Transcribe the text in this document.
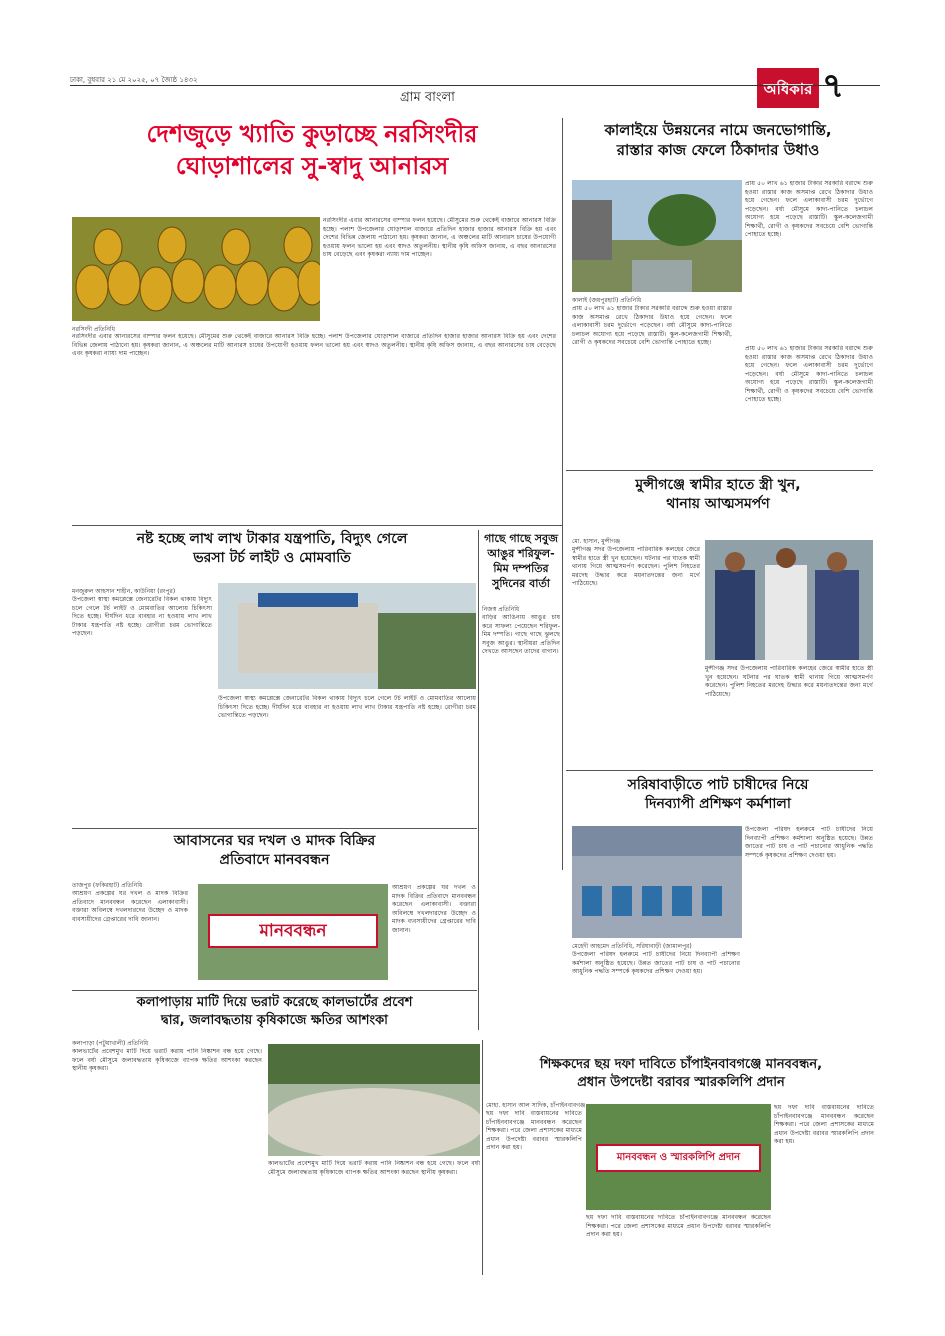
ঢাকা, বুধবার ২১ মে ২০২৫, ০৭ জ্যৈষ্ঠ ১৪৩২
গ্রাম বাংলা	অধিকার ৭
দেশজুড়ে খ্যাতি কুড়াচ্ছে নরসিংদীর
ঘোড়াশালের সু-স্বাদু আনারস
নরসিংদী প্রতিনিধি
নরসিংদীর এবার আনারসের বাম্পার ফলন হয়েছে। মৌসুমের শুরু থেকেই বাজারে আনারস বিক্রি হচ্ছে। পলাশ উপজেলার ঘোড়াশাল বাজারে প্রতিদিন হাজার হাজার আনারস বিক্রি হয় এবং দেশের বিভিন্ন জেলায় পাঠানো হয়। কৃষকরা জানান, এ অঞ্চলের মাটি আনারস চাষের উপযোগী হওয়ায় ফলন ভালো হয় এবং স্বাদও অতুলনীয়। স্থানীয় কৃষি অফিস জানায়, এ বছর আনারসের চাষ বেড়েছে এবং কৃষকরা ন্যায্য দাম পাচ্ছেন।
নরসিংদীর এবার আনারসের বাম্পার ফলন হয়েছে। মৌসুমের শুরু থেকেই বাজারে আনারস বিক্রি হচ্ছে। পলাশ উপজেলার ঘোড়াশাল বাজারে প্রতিদিন হাজার হাজার আনারস বিক্রি হয় এবং দেশের বিভিন্ন জেলায় পাঠানো হয়। কৃষকরা জানান, এ অঞ্চলের মাটি আনারস চাষের উপযোগী হওয়ায় ফলন ভালো হয় এবং স্বাদও অতুলনীয়। স্থানীয় কৃষি অফিস জানায়, এ বছর আনারসের চাষ বেড়েছে এবং কৃষকরা ন্যায্য দাম পাচ্ছেন।
কালাইয়ে উন্নয়নের নামে জনভোগান্তি,
রাস্তার কাজ ফেলে ঠিকাদার উধাও
কালাই (জয়পুরহাট) প্রতিনিধি
প্রায় ৫০ লাখ ৬১ হাজার টাকার সরকারি বরাদ্দে শুরু হওয়া রাস্তার কাজ অসমাপ্ত রেখে ঠিকাদার উধাও হয়ে গেছেন। ফলে এলাকাবাসী চরম দুর্ভোগে পড়েছেন। বর্ষা মৌসুমে কাদা-পানিতে চলাচল অযোগ্য হয়ে পড়েছে রাস্তাটি। স্কুল-কলেজগামী শিক্ষার্থী, রোগী ও কৃষকদের সবচেয়ে বেশি ভোগান্তি পোহাতে হচ্ছে।
প্রায় ৫০ লাখ ৬১ হাজার টাকার সরকারি বরাদ্দে শুরু হওয়া রাস্তার কাজ অসমাপ্ত রেখে ঠিকাদার উধাও হয়ে গেছেন। ফলে এলাকাবাসী চরম দুর্ভোগে পড়েছেন। বর্ষা মৌসুমে কাদা-পানিতে চলাচল অযোগ্য হয়ে পড়েছে রাস্তাটি। স্কুল-কলেজগামী শিক্ষার্থী, রোগী ও কৃষকদের সবচেয়ে বেশি ভোগান্তি পোহাতে হচ্ছে।
প্রায় ৫০ লাখ ৬১ হাজার টাকার সরকারি বরাদ্দে শুরু হওয়া রাস্তার কাজ অসমাপ্ত রেখে ঠিকাদার উধাও হয়ে গেছেন। ফলে এলাকাবাসী চরম দুর্ভোগে পড়েছেন। বর্ষা মৌসুমে কাদা-পানিতে চলাচল অযোগ্য হয়ে পড়েছে রাস্তাটি। স্কুল-কলেজগামী শিক্ষার্থী, রোগী ও কৃষকদের সবচেয়ে বেশি ভোগান্তি পোহাতে হচ্ছে।
মুন্সীগঞ্জে স্বামীর হাতে স্ত্রী খুন,
থানায় আত্মসমর্পণ
মো. হাসান, মুন্সীগঞ্জ
মুন্সীগঞ্জ সদর উপজেলায় পারিবারিক কলহের জেরে স্বামীর হাতে স্ত্রী খুন হয়েছেন। ঘটনার পর ঘাতক স্বামী থানায় গিয়ে আত্মসমর্পণ করেছেন। পুলিশ নিহতের মরদেহ উদ্ধার করে ময়নাতদন্তের জন্য মর্গে পাঠিয়েছে।
মুন্সীগঞ্জ সদর উপজেলায় পারিবারিক কলহের জেরে স্বামীর হাতে স্ত্রী খুন হয়েছেন। ঘটনার পর ঘাতক স্বামী থানায় গিয়ে আত্মসমর্পণ করেছেন। পুলিশ নিহতের মরদেহ উদ্ধার করে ময়নাতদন্তের জন্য মর্গে পাঠিয়েছে।
সরিষাবাড়ীতে পাট চাষীদের নিয়ে
দিনব্যাপী প্রশিক্ষণ কর্মশালা
মেহেদী আহমেদ প্রতিনিধি, সরিষাবাড়ী (জামালপুর)
উপজেলা পরিষদ হলরুমে পাট চাষীদের নিয়ে দিনব্যাপী প্রশিক্ষণ কর্মশালা অনুষ্ঠিত হয়েছে। উন্নত জাতের পাট চাষ ও পাট পচানোর আধুনিক পদ্ধতি সম্পর্কে কৃষকদের প্রশিক্ষণ দেওয়া হয়।
উপজেলা পরিষদ হলরুমে পাট চাষীদের নিয়ে দিনব্যাপী প্রশিক্ষণ কর্মশালা অনুষ্ঠিত হয়েছে। উন্নত জাতের পাট চাষ ও পাট পচানোর আধুনিক পদ্ধতি সম্পর্কে কৃষকদের প্রশিক্ষণ দেওয়া হয়।
নষ্ট হচ্ছে লাখ লাখ টাকার যন্ত্রপাতি, বিদ্যুৎ গেলে
ভরসা টর্চ লাইট ও মোমবাতি
মনজুরুল আহসান শাহীন, কাউনিয়া (রংপুর)
উপজেলা স্বাস্থ্য কমপ্লেক্সে জেনারেটর বিকল থাকায় বিদ্যুৎ চলে গেলে টর্চ লাইট ও মোমবাতির আলোয় চিকিৎসা দিতে হচ্ছে। দীর্ঘদিন ধরে ব্যবহার না হওয়ায় লাখ লাখ টাকার যন্ত্রপাতি নষ্ট হচ্ছে। রোগীরা চরম ভোগান্তিতে পড়ছেন।
উপজেলা স্বাস্থ্য কমপ্লেক্সে জেনারেটর বিকল থাকায় বিদ্যুৎ চলে গেলে টর্চ লাইট ও মোমবাতির আলোয় চিকিৎসা দিতে হচ্ছে। দীর্ঘদিন ধরে ব্যবহার না হওয়ায় লাখ লাখ টাকার যন্ত্রপাতি নষ্ট হচ্ছে। রোগীরা চরম ভোগান্তিতে পড়ছেন।
গাছে গাছে সবুজ আঙুর শরিফুল-মিম দম্পতির সুদিনের বার্তা
নিজস্ব প্রতিনিধি
বাড়ির আঙিনায় আঙুর চাষ করে সাফল্য পেয়েছেন শরিফুল-মিম দম্পতি। গাছে গাছে ঝুলছে সবুজ আঙুর। স্থানীয়রা প্রতিদিন দেখতে আসছেন তাদের বাগান।
আবাসনের ঘর দখল ও মাদক বিক্রির
প্রতিবাদে মানববন্ধন
তাজপুর (ফকিরহাট) প্রতিনিধি
আশ্রয়ণ প্রকল্পের ঘর দখল ও মাদক বিক্রির প্রতিবাদে মানববন্ধন করেছেন এলাকাবাসী। বক্তারা অবিলম্বে দখলদারদের উচ্ছেদ ও মাদক ব্যবসায়ীদের গ্রেপ্তারের দাবি জানান।
মানববন্ধন
আশ্রয়ণ প্রকল্পের ঘর দখল ও মাদক বিক্রির প্রতিবাদে মানববন্ধন করেছেন এলাকাবাসী। বক্তারা অবিলম্বে দখলদারদের উচ্ছেদ ও মাদক ব্যবসায়ীদের গ্রেপ্তারের দাবি জানান।
কলাপাড়ায় মাটি দিয়ে ভরাট করেছে কালভার্টের প্রবেশ
দ্বার, জলাবদ্ধতায় কৃষিকাজে ক্ষতির আশংকা
কলাপাড়া (পটুয়াখালী) প্রতিনিধি
কালভার্টের প্রবেশমুখ মাটি দিয়ে ভরাট করায় পানি নিষ্কাশন বন্ধ হয়ে গেছে। ফলে বর্ষা মৌসুমে জলাবদ্ধতায় কৃষিকাজে ব্যাপক ক্ষতির আশংকা করছেন স্থানীয় কৃষকরা।
কালভার্টের প্রবেশমুখ মাটি দিয়ে ভরাট করায় পানি নিষ্কাশন বন্ধ হয়ে গেছে। ফলে বর্ষা মৌসুমে জলাবদ্ধতায় কৃষিকাজে ব্যাপক ক্ষতির আশংকা করছেন স্থানীয় কৃষকরা।
শিক্ষকদের ছয় দফা দাবিতে চাঁপাইনবাবগঞ্জে মানববন্ধন,
প্রধান উপদেষ্টা বরাবর স্মারকলিপি প্রদান
মোহা. হাসান আল সাদিক, চাঁপাইনবাবগঞ্জ
ছয় দফা দাবি বাস্তবায়নের দাবিতে চাঁপাইনবাবগঞ্জে মানববন্ধন করেছেন শিক্ষকরা। পরে জেলা প্রশাসকের মাধ্যমে প্রধান উপদেষ্টা বরাবর স্মারকলিপি প্রদান করা হয়।
মানববন্ধন ও স্মারকলিপি প্রদান
ছয় দফা দাবি বাস্তবায়নের দাবিতে চাঁপাইনবাবগঞ্জে মানববন্ধন করেছেন শিক্ষকরা। পরে জেলা প্রশাসকের মাধ্যমে প্রধান উপদেষ্টা বরাবর স্মারকলিপি প্রদান করা হয়।
ছয় দফা দাবি বাস্তবায়নের দাবিতে চাঁপাইনবাবগঞ্জে মানববন্ধন করেছেন শিক্ষকরা। পরে জেলা প্রশাসকের মাধ্যমে প্রধান উপদেষ্টা বরাবর স্মারকলিপি প্রদান করা হয়।
